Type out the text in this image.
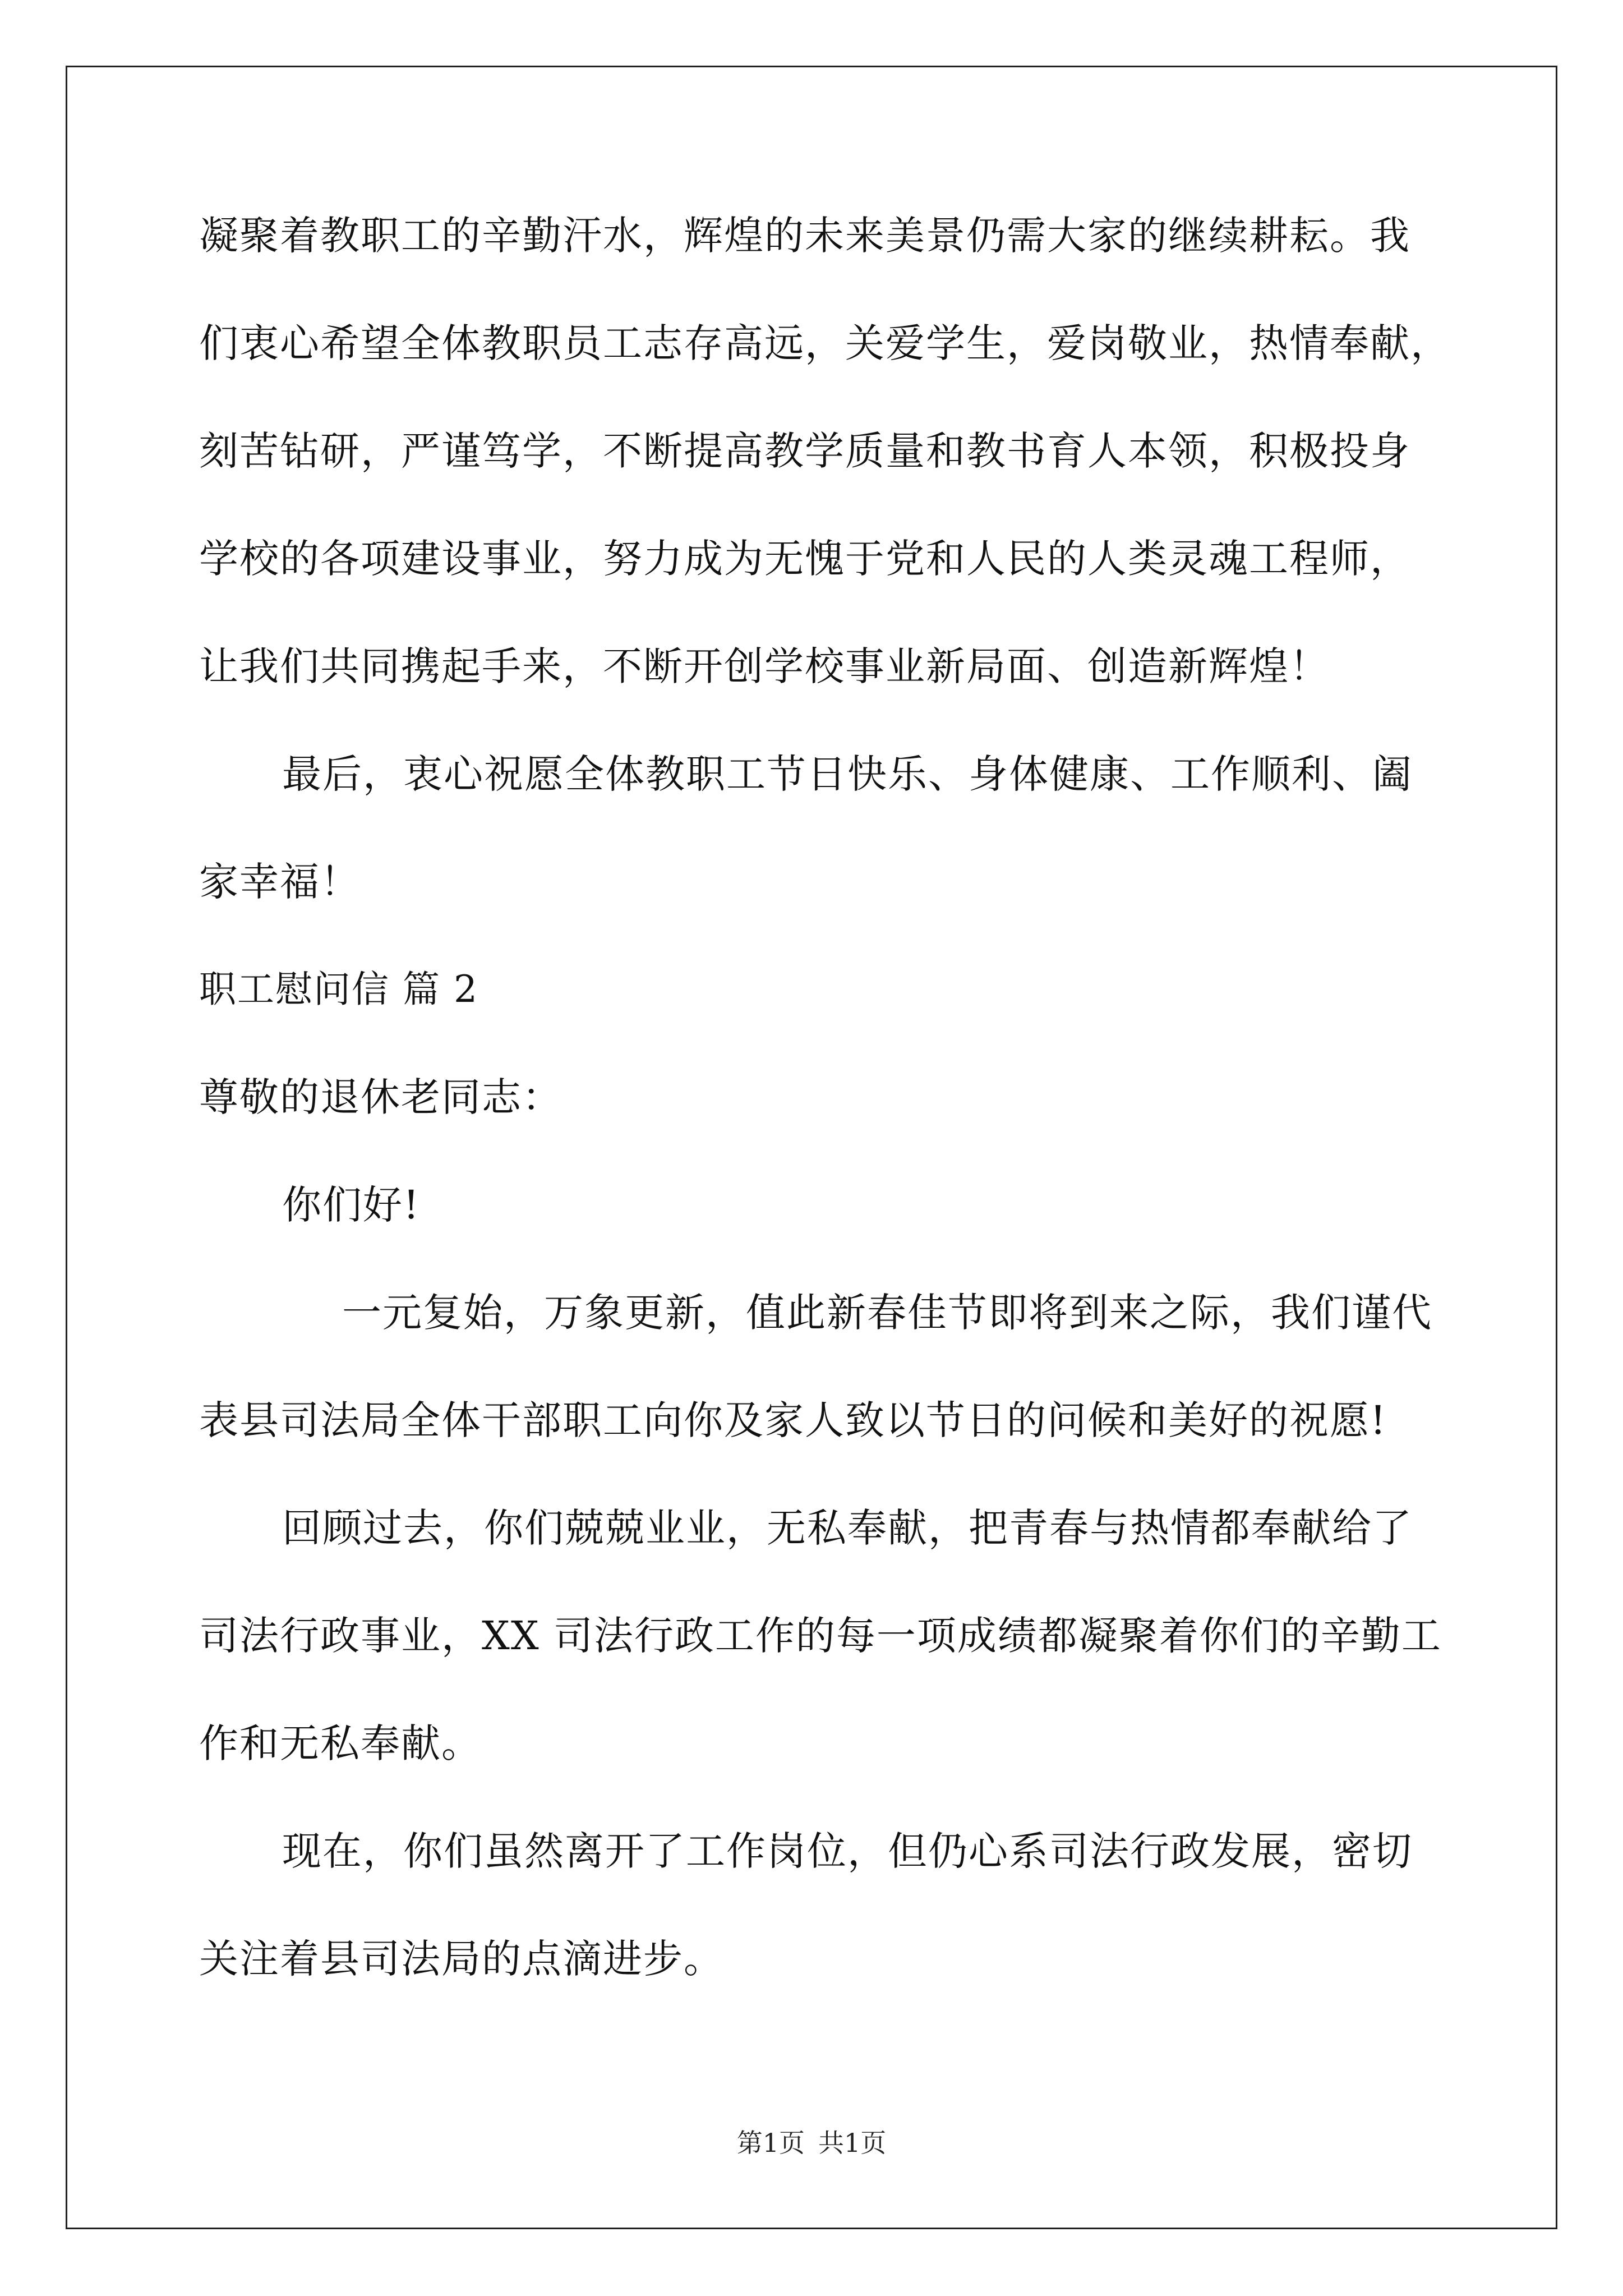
凝聚着教职工的辛勤汗水，辉煌的未来美景仍需大家的继续耕耘。我
们衷心希望全体教职员工志存高远，关爱学生，爱岗敬业，热情奉献，
刻苦钻研，严谨笃学，不断提高教学质量和教书育人本领，积极投身
学校的各项建设事业，努力成为无愧于党和人民的人类灵魂工程师，
让我们共同携起手来，不断开创学校事业新局面、创造新辉煌！
最后，衷心祝愿全体教职工节日快乐、身体健康、工作顺利、阖
家幸福！
职工慰问信 篇 2
尊敬的退休老同志：
你们好!
一元复始，万象更新，值此新春佳节即将到来之际，我们谨代
表县司法局全体干部职工向你及家人致以节日的问候和美好的祝愿!
回顾过去，你们兢兢业业，无私奉献，把青春与热情都奉献给了
司法行政事业，XX 司法行政工作的每一项成绩都凝聚着你们的辛勤工
作和无私奉献。
现在，你们虽然离开了工作岗位，但仍心系司法行政发展，密切
关注着县司法局的点滴进步。
第1页 共1页
